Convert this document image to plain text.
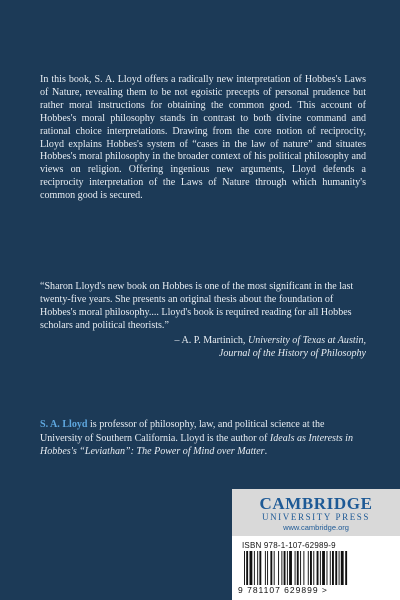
In this book, S. A. Lloyd offers a radically new interpretation of Hobbes's Laws of Nature, revealing them to be not egoistic precepts of personal prudence but rather moral instructions for obtaining the common good. This account of Hobbes's moral philosophy stands in contrast to both divine command and rational choice interpretations. Drawing from the core notion of reciprocity, Lloyd explains Hobbes's system of “cases in the law of nature” and situates Hobbes's moral philosophy in the broader context of his political philosophy and views on religion. Offering ingenious new arguments, Lloyd defends a reciprocity interpretation of the Laws of Nature through which humanity's common good is secured.

“Sharon Lloyd's new book on Hobbes is one of the most significant in the last twenty-five years. She presents an original thesis about the foundation of Hobbes's moral philosophy.... Lloyd's book is required reading for all Hobbes scholars and political theorists.”

– A. P. Martinich, University of Texas at Austin,
Journal of the History of Philosophy

S. A. Lloyd is professor of philosophy, law, and political science at the University of Southern California. Lloyd is the author of Ideals as Interests in Hobbes's “Leviathan”: The Power of Mind over Matter.

CAMBRIDGE
UNIVERSITY PRESS
www.cambridge.org
ISBN 978-1-107-62989-9
9 781107 629899 >
